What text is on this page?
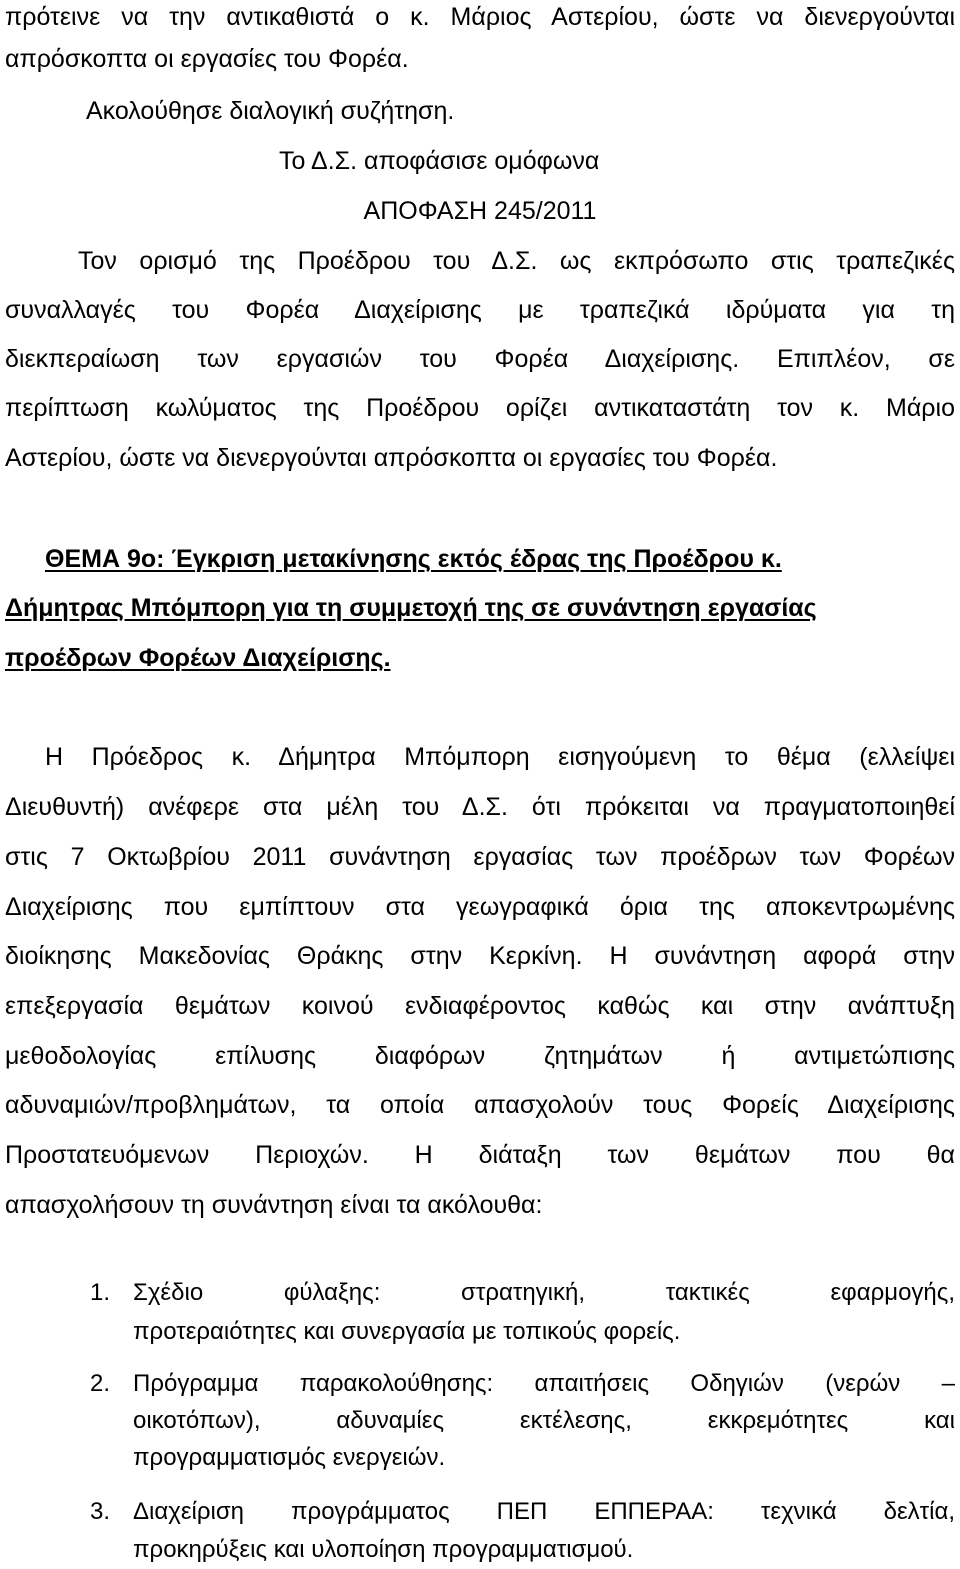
πρότεινε να την αντικαθιστά ο κ. Μάριος Αστερίου, ώστε να διενεργούνται
απρόσκοπτα οι εργασίες του Φορέα.
Ακολούθησε διαλογική συζήτηση.
Το Δ.Σ. αποφάσισε ομόφωνα
ΑΠΟΦΑΣΗ 245/2011
Τον ορισμό της Προέδρου του Δ.Σ. ως εκπρόσωπο στις τραπεζικές
συναλλαγές του Φορέα Διαχείρισης με τραπεζικά ιδρύματα για τη
διεκπεραίωση των εργασιών του Φορέα Διαχείρισης. Επιπλέον, σε
περίπτωση κωλύματος της Προέδρου ορίζει αντικαταστάτη τον κ. Μάριο
Αστερίου, ώστε να διενεργούνται απρόσκοπτα οι εργασίες του Φορέα.
ΘΕΜΑ 9ο: Έγκριση μετακίνησης εκτός έδρας της Προέδρου κ.
Δήμητρας Μπόμπορη για τη συμμετοχή της σε συνάντηση εργασίας
προέδρων Φορέων Διαχείρισης.
Η Πρόεδρος κ. Δήμητρα Μπόμπορη εισηγούμενη το θέμα (ελλείψει
Διευθυντή) ανέφερε στα μέλη του Δ.Σ. ότι πρόκειται να πραγματοποιηθεί
στις 7 Οκτωβρίου 2011 συνάντηση εργασίας των προέδρων των Φορέων
Διαχείρισης που εμπίπτουν στα γεωγραφικά όρια της αποκεντρωμένης
διοίκησης Μακεδονίας Θράκης στην Κερκίνη. Η συνάντηση αφορά στην
επεξεργασία θεμάτων κοινού ενδιαφέροντος καθώς και στην ανάπτυξη
μεθοδολογίας επίλυσης διαφόρων ζητημάτων ή αντιμετώπισης
αδυναμιών/προβλημάτων, τα οποία απασχολούν τους Φορείς Διαχείρισης
Προστατευόμενων Περιοχών. Η διάταξη των θεμάτων που θα
απασχολήσουν τη συνάντηση είναι τα ακόλουθα:
1. Σχέδιο φύλαξης: στρατηγική, τακτικές εφαρμογής,
προτεραιότητες και συνεργασία με τοπικούς φορείς.
2. Πρόγραμμα παρακολούθησης: απαιτήσεις Οδηγιών (νερών –
οικοτόπων), αδυναμίες εκτέλεσης, εκκρεμότητες και
προγραμματισμός ενεργειών.
3. Διαχείριση προγράμματος ΠΕΠ ΕΠΠΕΡΑΑ: τεχνικά δελτία,
προκηρύξεις και υλοποίηση προγραμματισμού.
